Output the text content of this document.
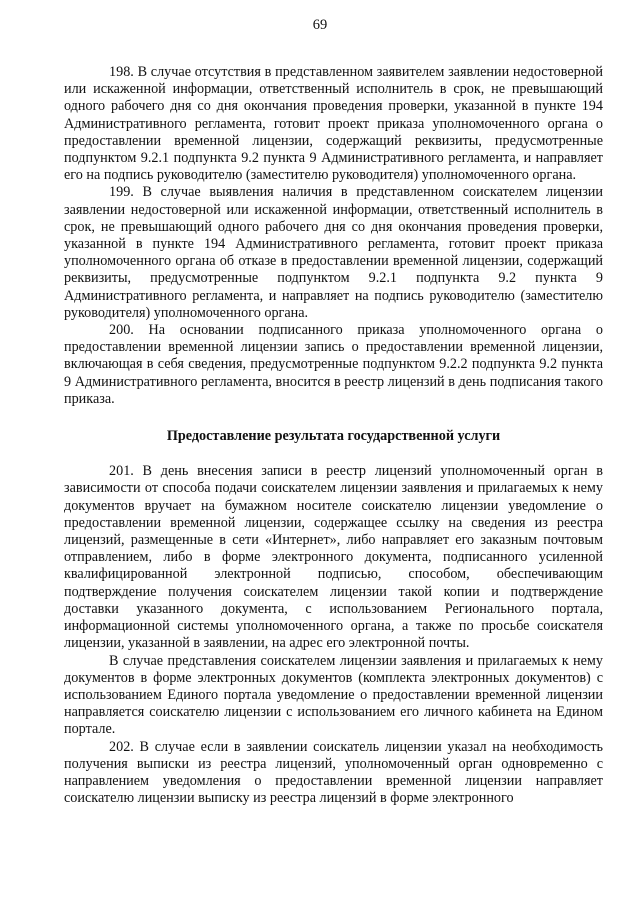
69

198. В случае отсутствия в представленном заявителем заявлении недостоверной или искаженной информации, ответственный исполнитель в срок, не превышающий одного рабочего дня со дня окончания проведения проверки, указанной в пункте 194 Административного регламента, готовит проект приказа уполномоченного органа о предоставлении временной лицензии, содержащий реквизиты, предусмотренные подпунктом 9.2.1 подпункта 9.2 пункта 9 Административного регламента, и направляет его на подпись руководителю (заместителю руководителя) уполномоченного органа.

199. В случае выявления наличия в представленном соискателем лицензии заявлении недостоверной или искаженной информации, ответственный исполнитель в срок, не превышающий одного рабочего дня со дня окончания проведения проверки, указанной в пункте 194 Административного регламента, готовит проект приказа уполномоченного органа об отказе в предоставлении временной лицензии, содержащий реквизиты, предусмотренные подпунктом 9.2.1 подпункта 9.2 пункта 9 Административного регламента, и направляет на подпись руководителю (заместителю руководителя) уполномоченного органа.

200. На основании подписанного приказа уполномоченного органа о предоставлении временной лицензии запись о предоставлении временной лицензии, включающая в себя сведения, предусмотренные подпунктом 9.2.2 подпункта 9.2 пункта 9 Административного регламента, вносится в реестр лицензий в день подписания такого приказа.

Предоставление результата государственной услуги

201. В день внесения записи в реестр лицензий уполномоченный орган в зависимости от способа подачи соискателем лицензии заявления и прилагаемых к нему документов вручает на бумажном носителе соискателю лицензии уведомление о предоставлении временной лицензии, содержащее ссылку на сведения из реестра лицензий, размещенные в сети «Интернет», либо направляет его заказным почтовым отправлением, либо в форме электронного документа, подписанного усиленной квалифицированной электронной подписью, способом, обеспечивающим подтверждение получения соискателем лицензии такой копии и подтверждение доставки указанного документа, с использованием Регионального портала, информационной системы уполномоченного органа, а также по просьбе соискателя лицензии, указанной в заявлении, на адрес его электронной почты.

В случае представления соискателем лицензии заявления и прилагаемых к нему документов в форме электронных документов (комплекта электронных документов) с использованием Единого портала уведомление о предоставлении временной лицензии направляется соискателю лицензии с использованием его личного кабинета на Едином портале.

202. В случае если в заявлении соискатель лицензии указал на необходимость получения выписки из реестра лицензий, уполномоченный орган одновременно с направлением уведомления о предоставлении временной лицензии направляет соискателю лицензии выписку из реестра лицензий в форме электронного
